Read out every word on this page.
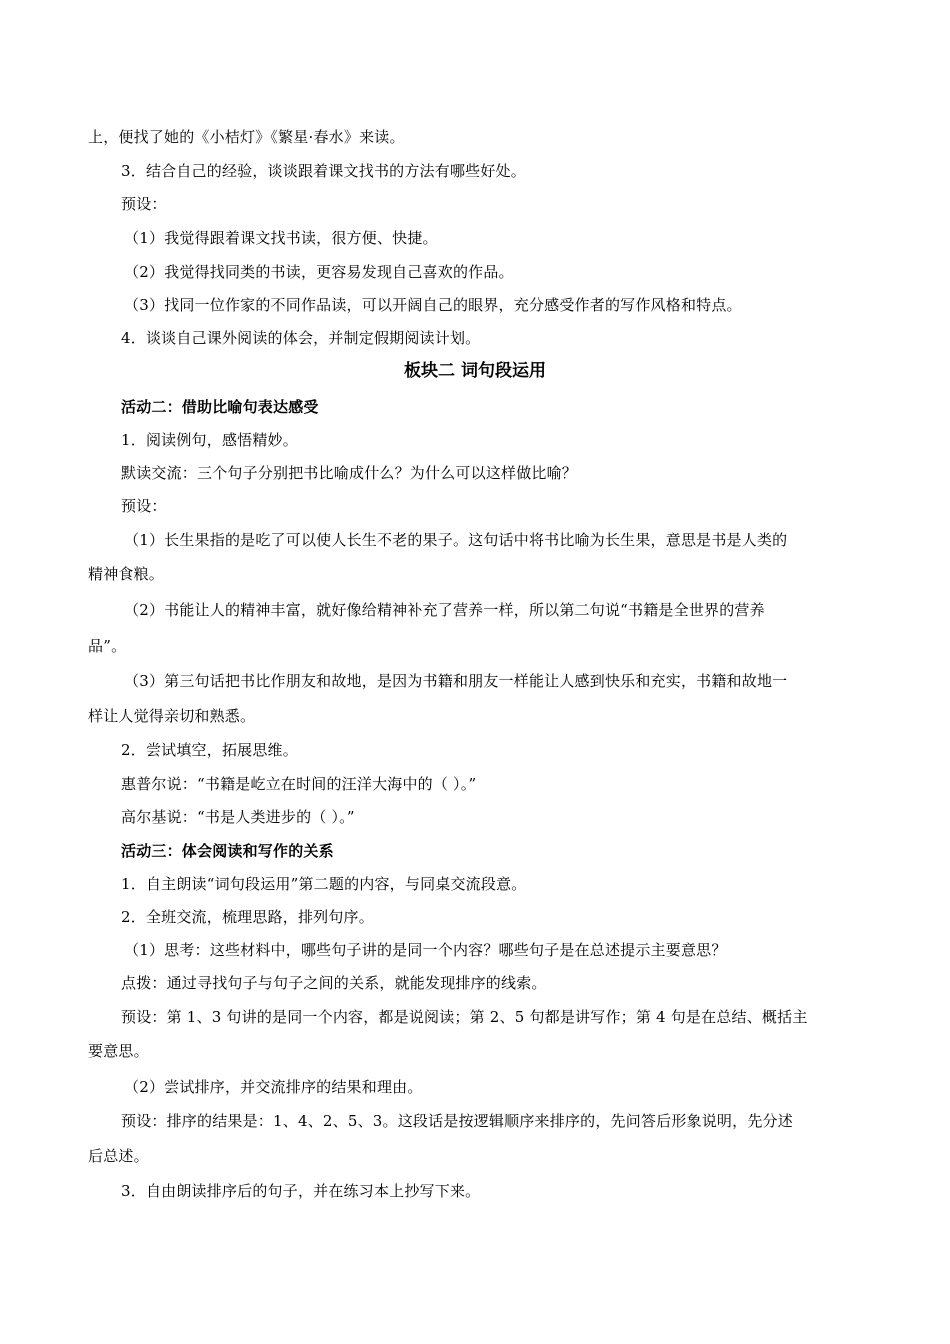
上，便找了她的《小桔灯》《繁星·春水》来读。
3．结合自己的经验，谈谈跟着课文找书的方法有哪些好处。
预设：
（1）我觉得跟着课文找书读，很方便、快捷。
（2）我觉得找同类的书读，更容易发现自己喜欢的作品。
（3）找同一位作家的不同作品读，可以开阔自己的眼界，充分感受作者的写作风格和特点。
4．谈谈自己课外阅读的体会，并制定假期阅读计划。
板块二 词句段运用
活动二：借助比喻句表达感受
1．阅读例句，感悟精妙。
默读交流：三个句子分别把书比喻成什么？为什么可以这样做比喻？
预设：
（1）长生果指的是吃了可以使人长生不老的果子。这句话中将书比喻为长生果，意思是书是人类的
精神食粮。
（2）书能让人的精神丰富，就好像给精神补充了营养一样，所以第二句说“书籍是全世界的营养
品”。
（3）第三句话把书比作朋友和故地，是因为书籍和朋友一样能让人感到快乐和充实，书籍和故地一
样让人觉得亲切和熟悉。
2．尝试填空，拓展思维。
惠普尔说：“书籍是屹立在时间的汪洋大海中的（ ）。”
高尔基说：“书是人类进步的（ ）。”
活动三：体会阅读和写作的关系
1．自主朗读“词句段运用”第二题的内容，与同桌交流段意。
2．全班交流，梳理思路，排列句序。
（1）思考：这些材料中，哪些句子讲的是同一个内容？哪些句子是在总述提示主要意思？
点拨：通过寻找句子与句子之间的关系，就能发现排序的线索。
预设：第 1、3 句讲的是同一个内容，都是说阅读；第 2、5 句都是讲写作；第 4 句是在总结、概括主
要意思。
（2）尝试排序，并交流排序的结果和理由。
预设：排序的结果是：1、4、2、5、3。这段话是按逻辑顺序来排序的，先问答后形象说明，先分述
后总述。
3．自由朗读排序后的句子，并在练习本上抄写下来。
